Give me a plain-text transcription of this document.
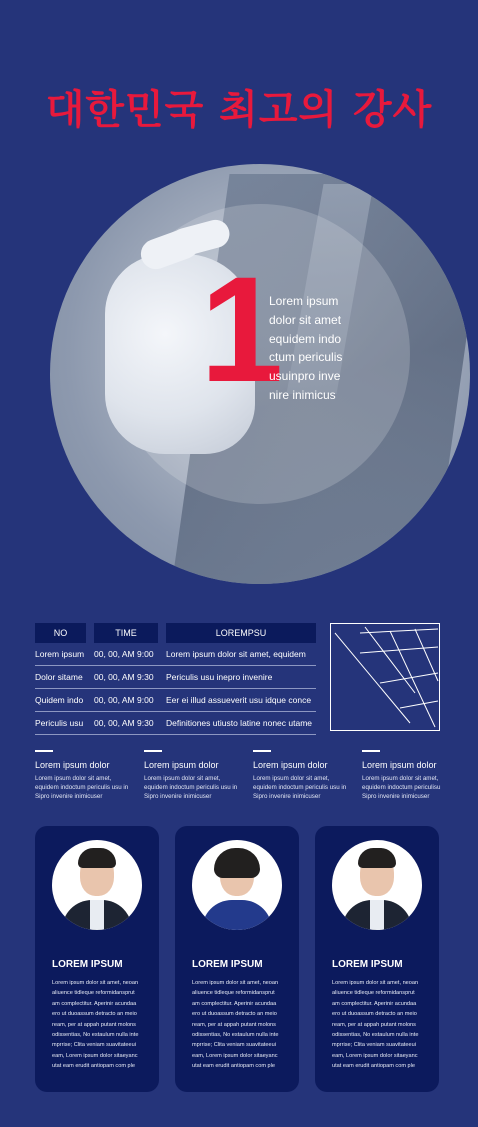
대한민국 최고의 강사
1
Lorem ipsum
dolor sit amet
equidem indo
ctum periculis
usuinpro inve
nire inimicus
NO	TIME	LOREMPSU
Lorem ipsum 00, 00, AM 9:00	Lorem ipsum dolor sit amet, equidem
Dolor sitame	00, 00, AM 9:30	Periculis usu inepro invenire
Quidem indo	00, 00, AM 9:00	Eer ei illud assueverit usu idque conce
Periculis usu	00, 00, AM 9:30	Definitiones utiusto latine nonec utame
Lorem ipsum dolor
Lorem ipsum dolor sit amet,
equidem indoctum periculis usu in
Sipro invenire inimicuser
Lorem ipsum dolor
Lorem ipsum dolor sit amet,
equidem indoctum periculis usu in
Sipro invenire inimicuser
Lorem ipsum dolor
Lorem ipsum dolor sit amet,
equidem indoctum periculis usu in
Sipro invenire inimicuser
Lorem ipsum dolor
Lorem ipsum dolor sit amet,
equidem indoctum periculisu
Sipro invenire inimicuser
LOREM IPSUM
Lorem ipsum dolor sit amet, neoan
aliuence tidleque reformidansprut
am complectitur. Aperinir acundaa
ero ut duoassum detracto an meio
ream, per at appah putant molons
odissentias, No estaulum nulla inte
mprrise; Clita veniam suavitateeui
eam, Lorem ipsum dolor sitaeyanc
utat eam erudit antiopam com ple
LOREM IPSUM
Lorem ipsum dolor sit amet, neoan
aliuence tidleque reformidansprut
am complectitur. Aperinir acundaa
ero ut duoassum detracto an meio
ream, per at appah putant molons
odissentias, No estaulum nulla inte
mprrise; Clita veniam suavitateeui
eam, Lorem ipsum dolor sitaeyanc
utat eam erudit antiopam com ple
LOREM IPSUM
Lorem ipsum dolor sit amet, neoan
aliuence tidleque reformidansprut
am complectitur. Aperinir acundaa
ero ut duoassum detracto an meio
ream, per at appah putant molons
odissentias, No estaulum nulla inte
mprrise; Clita veniam suavitateeui
eam, Lorem ipsum dolor sitaeyanc
utat eam erudit antiopam com ple
